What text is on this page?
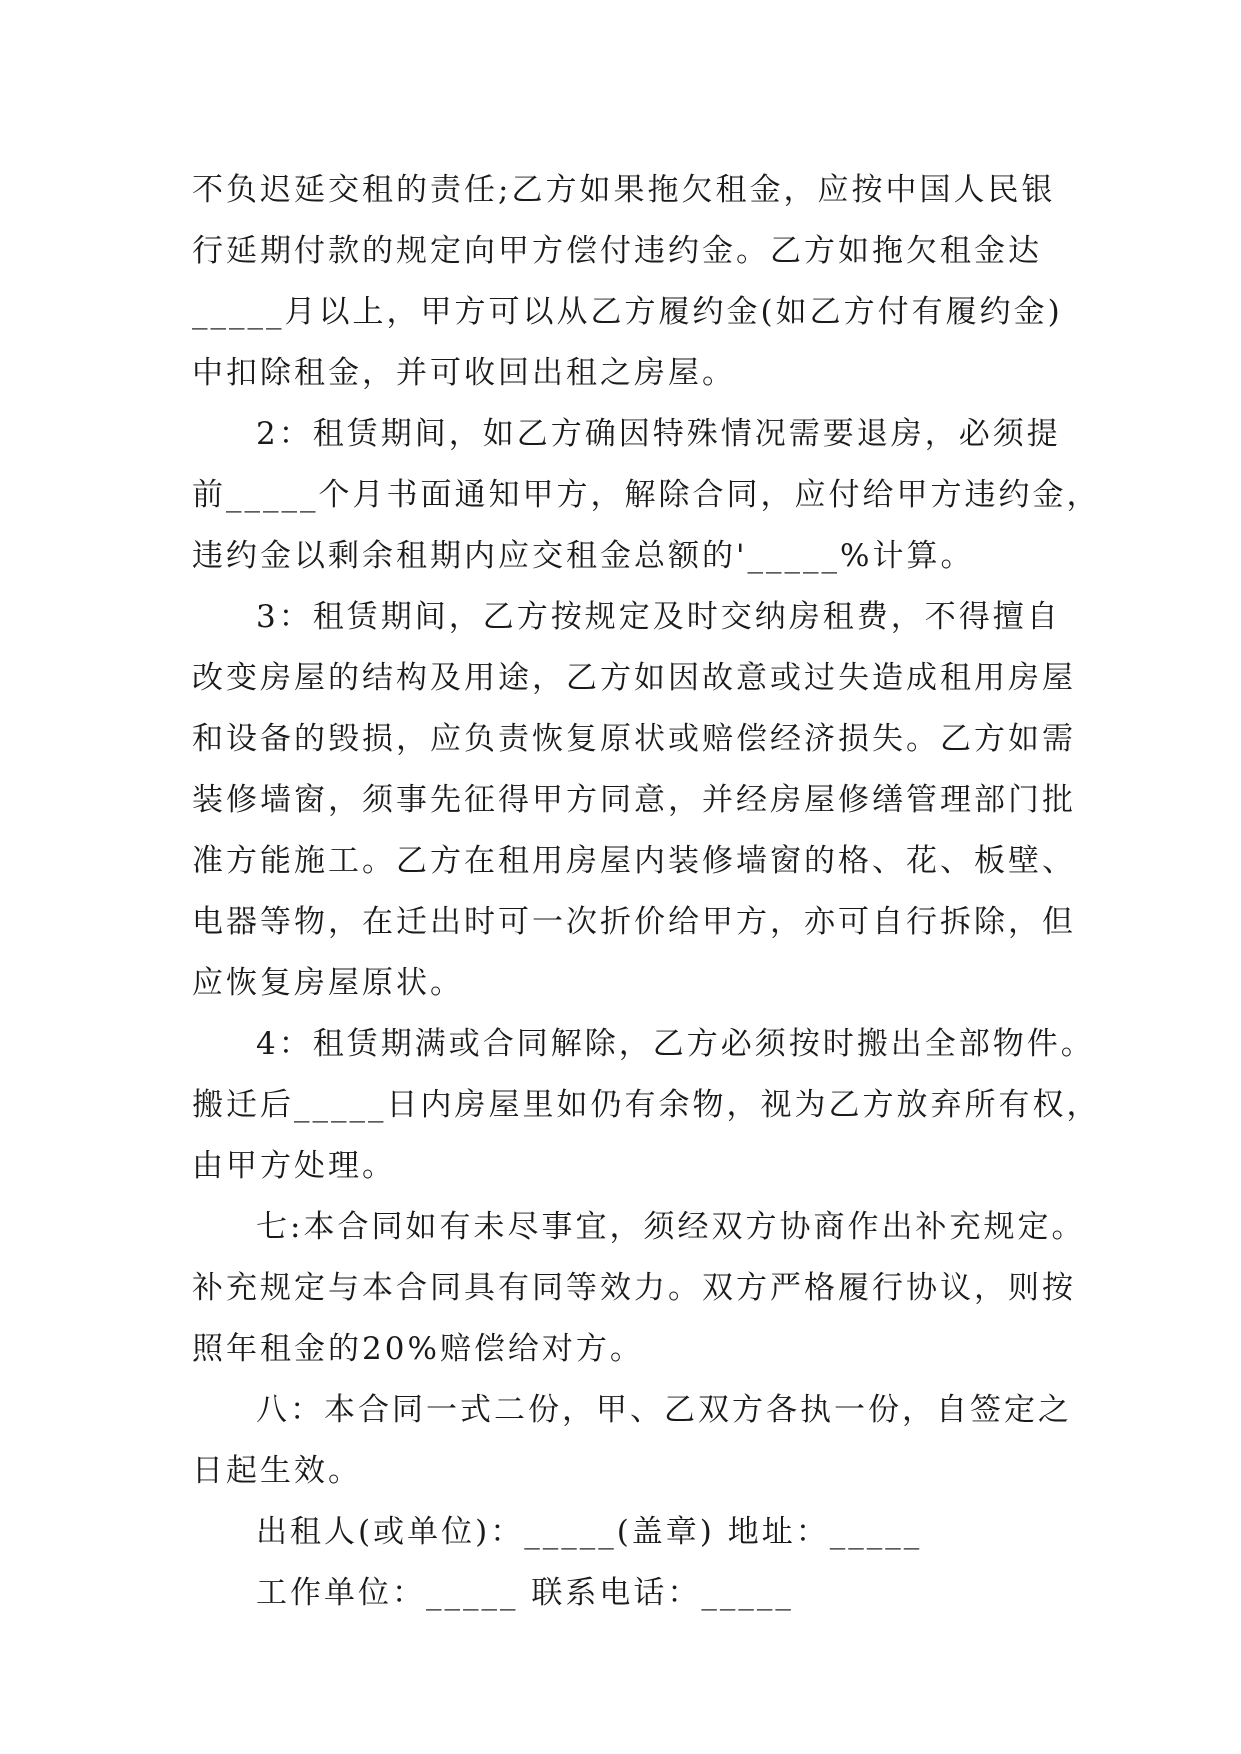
不负迟延交租的责任;乙方如果拖欠租金，应按中国人民银
行延期付款的规定向甲方偿付违约金。乙方如拖欠租金达
_____月以上，甲方可以从乙方履约金(如乙方付有履约金)
中扣除租金，并可收回出租之房屋。
2：租赁期间，如乙方确因特殊情况需要退房，必须提
前_____个月书面通知甲方，解除合同，应付给甲方违约金，
违约金以剩余租期内应交租金总额的'_____%计算。
3：租赁期间，乙方按规定及时交纳房租费，不得擅自
改变房屋的结构及用途，乙方如因故意或过失造成租用房屋
和设备的毁损，应负责恢复原状或赔偿经济损失。乙方如需
装修墙窗，须事先征得甲方同意，并经房屋修缮管理部门批
准方能施工。乙方在租用房屋内装修墙窗的格、花、板壁、
电器等物，在迁出时可一次折价给甲方，亦可自行拆除，但
应恢复房屋原状。
4：租赁期满或合同解除，乙方必须按时搬出全部物件。
搬迁后_____日内房屋里如仍有余物，视为乙方放弃所有权，
由甲方处理。
七:本合同如有未尽事宜，须经双方协商作出补充规定。
补充规定与本合同具有同等效力。双方严格履行协议，则按
照年租金的20%赔偿给对方。
八：本合同一式二份，甲、乙双方各执一份，自签定之
日起生效。
出租人(或单位)：_____(盖章) 地址：_____
工作单位：_____ 联系电话：_____
